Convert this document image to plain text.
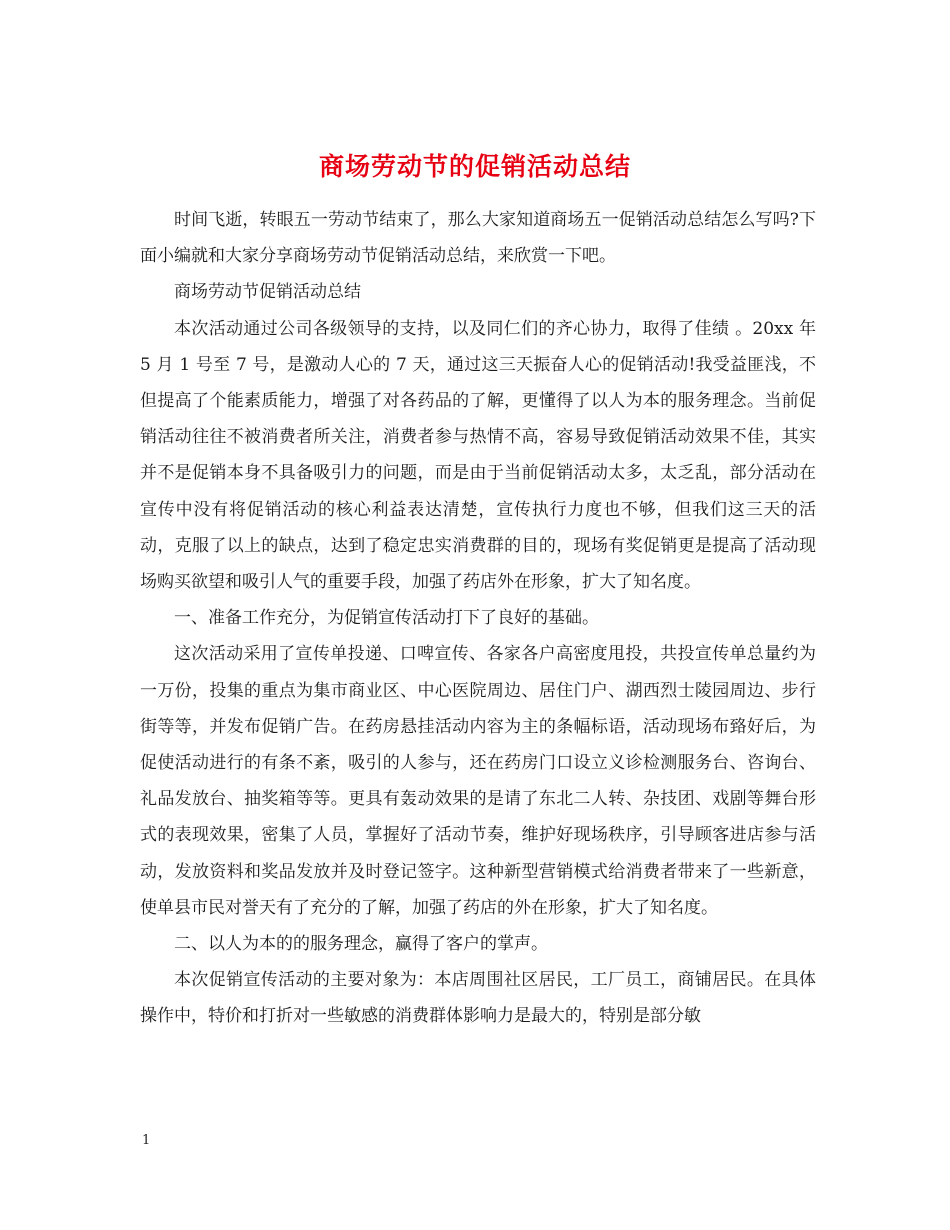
商场劳动节的促销活动总结

时间飞逝，转眼五一劳动节结束了，那么大家知道商场五一促销活动总结怎么写吗?下面小编就和大家分享商场劳动节促销活动总结，来欣赏一下吧。

商场劳动节促销活动总结

本次活动通过公司各级领导的支持，以及同仁们的齐心协力，取得了佳绩 。20xx 年 5 月 1 号至 7 号，是激动人心的 7 天，通过这三天振奋人心的促销活动!我受益匪浅，不但提高了个能素质能力，增强了对各药品的了解，更懂得了以人为本的服务理念。当前促销活动往往不被消费者所关注，消费者参与热情不高，容易导致促销活动效果不佳，其实并不是促销本身不具备吸引力的问题，而是由于当前促销活动太多，太乏乱，部分活动在宣传中没有将促销活动的核心利益表达清楚，宣传执行力度也不够，但我们这三天的活动，克服了以上的缺点，达到了稳定忠实消费群的目的，现场有奖促销更是提高了活动现场购买欲望和吸引人气的重要手段，加强了药店外在形象，扩大了知名度。

一、准备工作充分，为促销宣传活动打下了良好的基础。

这次活动采用了宣传单投递、口啤宣传、各家各户高密度甩投，共投宣传单总量约为一万份，投集的重点为集市商业区、中心医院周边、居住门户、湖西烈士陵园周边、步行街等等，并发布促销广告。在药房悬挂活动内容为主的条幅标语，活动现场布臵好后，为促使活动进行的有条不紊，吸引的人参与，还在药房门口设立义诊检测服务台、咨询台、礼品发放台、抽奖箱等等。更具有轰动效果的是请了东北二人转、杂技团、戏剧等舞台形式的表现效果，密集了人员，掌握好了活动节奏，维护好现场秩序，引导顾客进店参与活动，发放资料和奖品发放并及时登记签字。这种新型营销模式给消费者带来了一些新意，使单县市民对誉天有了充分的了解，加强了药店的外在形象，扩大了知名度。

二、以人为本的的服务理念，赢得了客户的掌声。

本次促销宣传活动的主要对象为：本店周围社区居民，工厂员工，商铺居民。在具体操作中，特价和打折对一些敏感的消费群体影响力是最大的，特别是部分敏

1
